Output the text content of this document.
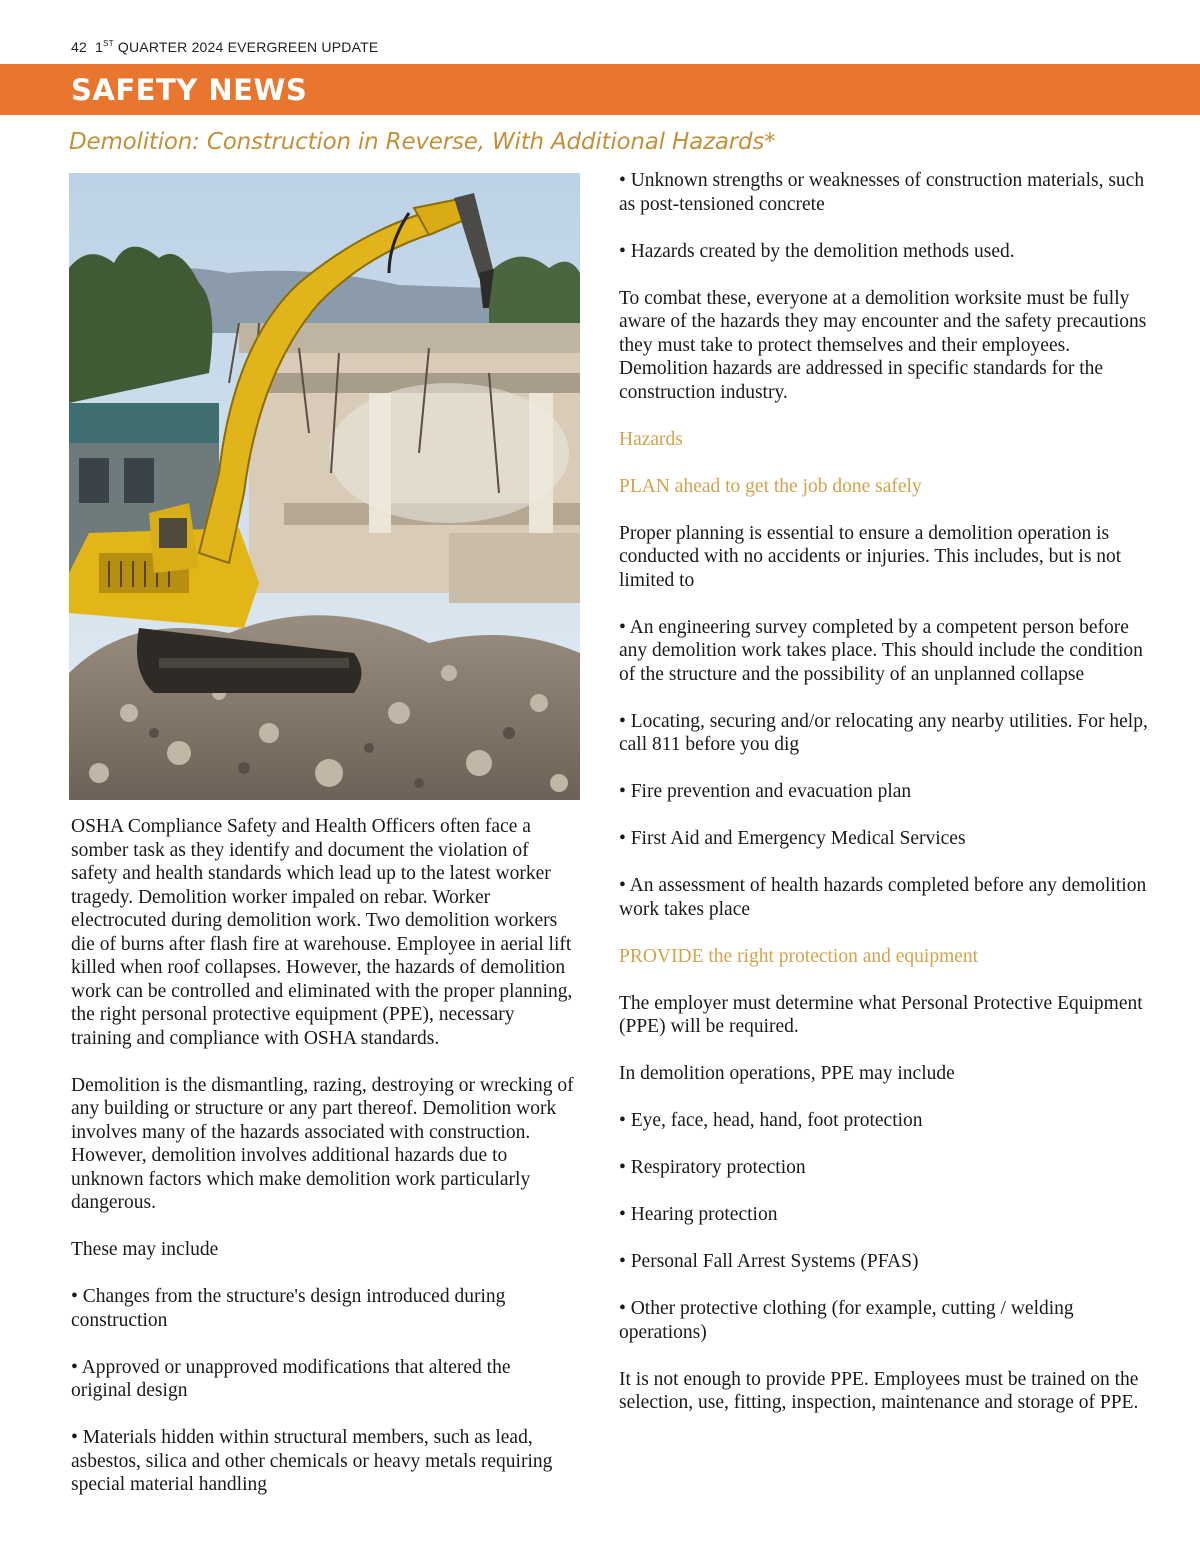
42 1ST QUARTER 2024 EVERGREEN UPDATE
SAFETY NEWS
Demolition: Construction in Reverse, With Additional Hazards*

OSHA Compliance Safety and Health Officers often face a somber task as they identify and document the violation of safety and health standards which lead up to the latest worker tragedy. Demolition worker impaled on rebar. Worker electrocuted during demolition work. Two demolition workers die of burns after flash fire at warehouse. Employee in aerial lift killed when roof collapses. However, the hazards of demolition work can be controlled and eliminated with the proper planning, the right personal protective equipment (PPE), necessary training and compliance with OSHA standards.

Demolition is the dismantling, razing, destroying or wrecking of any building or structure or any part thereof. Demolition work involves many of the hazards associated with construction. However, demolition involves additional hazards due to unknown factors which make demolition work particularly dangerous.

These may include

• Changes from the structure's design introduced during construction

• Approved or unapproved modifications that altered the original design

• Materials hidden within structural members, such as lead, asbestos, silica and other chemicals or heavy metals requiring special material handling

• Unknown strengths or weaknesses of construction materials, such as post-tensioned concrete

• Hazards created by the demolition methods used.

To combat these, everyone at a demolition worksite must be fully aware of the hazards they may encounter and the safety precautions they must take to protect themselves and their employees. Demolition hazards are addressed in specific standards for the construction industry.

Hazards

PLAN ahead to get the job done safely

Proper planning is essential to ensure a demolition operation is conducted with no accidents or injuries. This includes, but is not limited to

• An engineering survey completed by a competent person before any demolition work takes place. This should include the condition of the structure and the possibility of an unplanned collapse

• Locating, securing and/or relocating any nearby utilities. For help, call 811 before you dig

• Fire prevention and evacuation plan

• First Aid and Emergency Medical Services

• An assessment of health hazards completed before any demolition work takes place

PROVIDE the right protection and equipment

The employer must determine what Personal Protective Equipment (PPE) will be required.

In demolition operations, PPE may include

• Eye, face, head, hand, foot protection

• Respiratory protection

• Hearing protection

• Personal Fall Arrest Systems (PFAS)

• Other protective clothing (for example, cutting / welding operations)

It is not enough to provide PPE. Employees must be trained on the selection, use, fitting, inspection, maintenance and storage of PPE.
